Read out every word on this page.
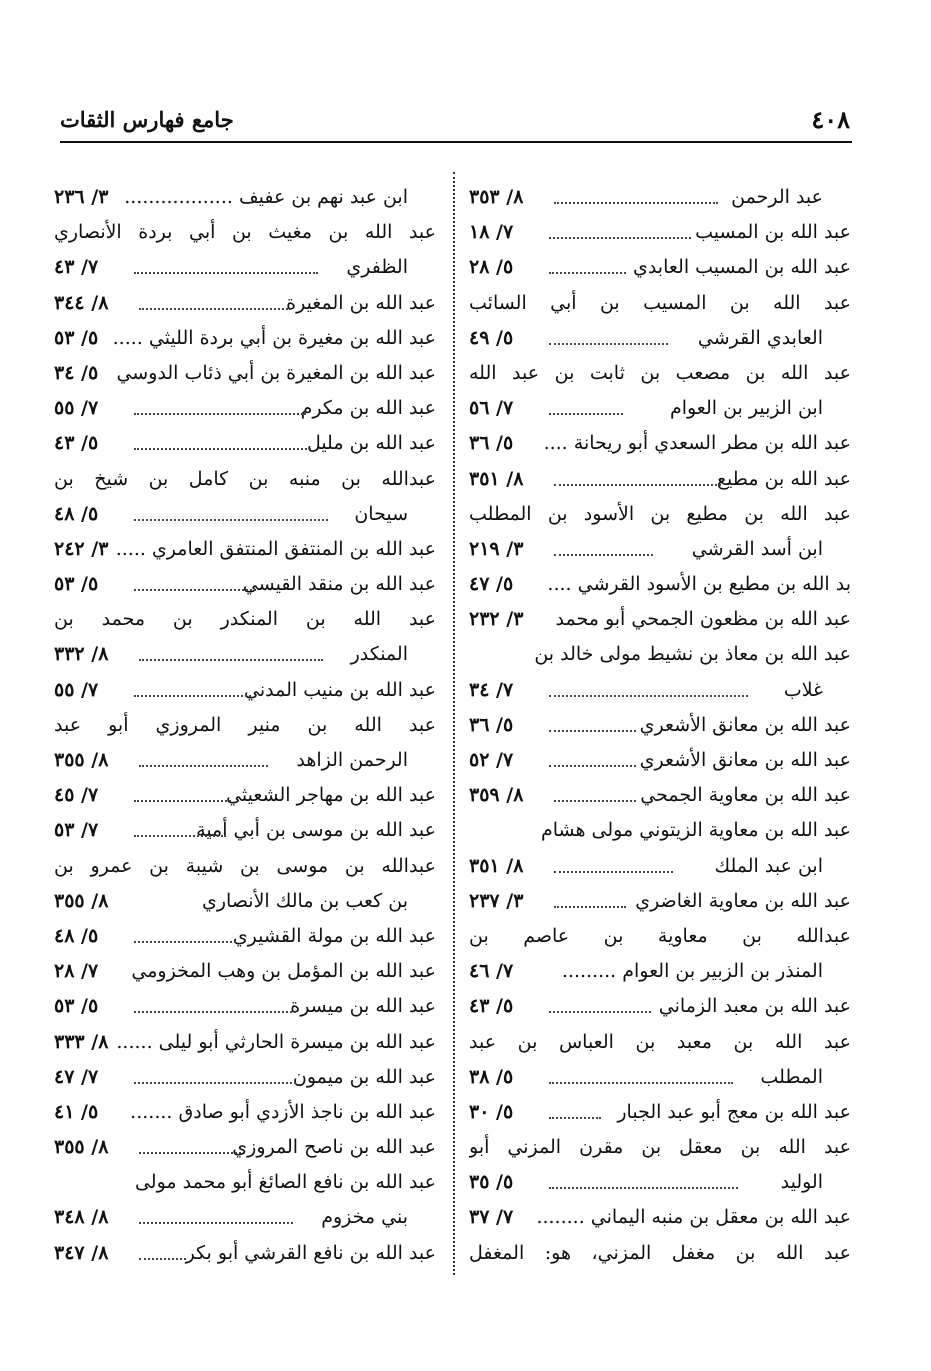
٤٠٨
جامع فهارس الثقات
عبد الرحمن
٨/ ٣٥٣
عبد الله بن المسيب
٧/ ١٨
عبد الله بن المسيب العابدي
٥/ ٢٨
عبد الله بن المسيب بن أبي السائب
العابدي القرشي
٥/ ٤٩
عبد الله بن مصعب بن ثابت بن عبد الله
ابن الزبير بن العوام
٧/ ٥٦
عبد الله بن مطر السعدي أبو ريحانة ....
٥/ ٣٦
عبد الله بن مطيع
٨/ ٣٥١
عبد الله بن مطيع بن الأسود بن المطلب
ابن أسد القرشي
٣/ ٢١٩
بد الله بن مطيع بن الأسود القرشي ....
٥/ ٤٧
عبد الله بن مظعون الجمحي أبو محمد
٣/ ٢٣٢
عبد الله بن معاذ بن نشيط مولى خالد بن
غلاب
٧/ ٣٤
عبد الله بن معانق الأشعري
٥/ ٣٦
عبد الله بن معانق الأشعري
٧/ ٥٢
عبد الله بن معاوية الجمحي
٨/ ٣٥٩
عبد الله بن معاوية الزيتوني مولى هشام
ابن عبد الملك
٨/ ٣٥١
عبد الله بن معاوية الغاضري
٣/ ٢٣٧
عبدالله بن معاوية بن عاصم بن
المنذر بن الزبير بن العوام .........
٧/ ٤٦
عبد الله بن معبد الزماني
٥/ ٤٣
عبد الله بن معبد بن العباس بن عبد
المطلب
٥/ ٣٨
عبد الله بن معج أبو عبد الجبار
٥/ ٣٠
عبد الله بن معقل بن مقرن المزني أبو
الوليد
٥/ ٣٥
عبد الله بن معقل بن منبه اليماني ........
٧/ ٣٧
عبد الله بن مغفل المزني، هو: المغفل
ابن عبد نهم بن عفيف ..................
٣/ ٢٣٦
عبد الله بن مغيث بن أبي بردة الأنصاري
الظفري
٧/ ٤٣
عبد الله بن المغيرة
٨/ ٣٤٤
عبد الله بن مغيرة بن أبي بردة الليثي .....
٥/ ٥٣
عبد الله بن المغيرة بن أبي ذئاب الدوسي
٥/ ٣٤
عبد الله بن مكرم
٧/ ٥٥
عبد الله بن مليل
٥/ ٤٣
عبدالله بن منبه بن كامل بن شيخ بن
سيحان
٥/ ٤٨
عبد الله بن المنتفق المنتفق العامري .....
٣/ ٢٤٢
عبد الله بن منقد القيسي
٥/ ٥٣
عبد الله بن المنكدر بن محمد بن
المنكدر
٨/ ٣٣٢
عبد الله بن منيب المدني
٧/ ٥٥
عبد الله بن منير المروزي أبو عبد
الرحمن الزاهد
٨/ ٣٥٥
عبد الله بن مهاجر الشعيثي
٧/ ٤٥
عبد الله بن موسى بن أبي أمية
٧/ ٥٣
عبدالله بن موسى بن شيبة بن عمرو بن
بن كعب بن مالك الأنصاري
٨/ ٣٥٥
عبد الله بن مولة القشيري
٥/ ٤٨
عبد الله بن المؤمل بن وهب المخزومي
٧/ ٢٨
عبد الله بن ميسرة
٥/ ٥٣
عبد الله بن ميسرة الحارثي أبو ليلى ......
٨/ ٣٣٣
عبد الله بن ميمون
٧/ ٤٧
عبد الله بن ناجذ الأزدي أبو صادق .......
٥/ ٤١
عبد الله بن ناصح المروزي
٨/ ٣٥٥
عبد الله بن نافع الصائغ أبو محمد مولى
بني مخزوم
٨/ ٣٤٨
عبد الله بن نافع القرشي أبو بكر
٨/ ٣٤٧
